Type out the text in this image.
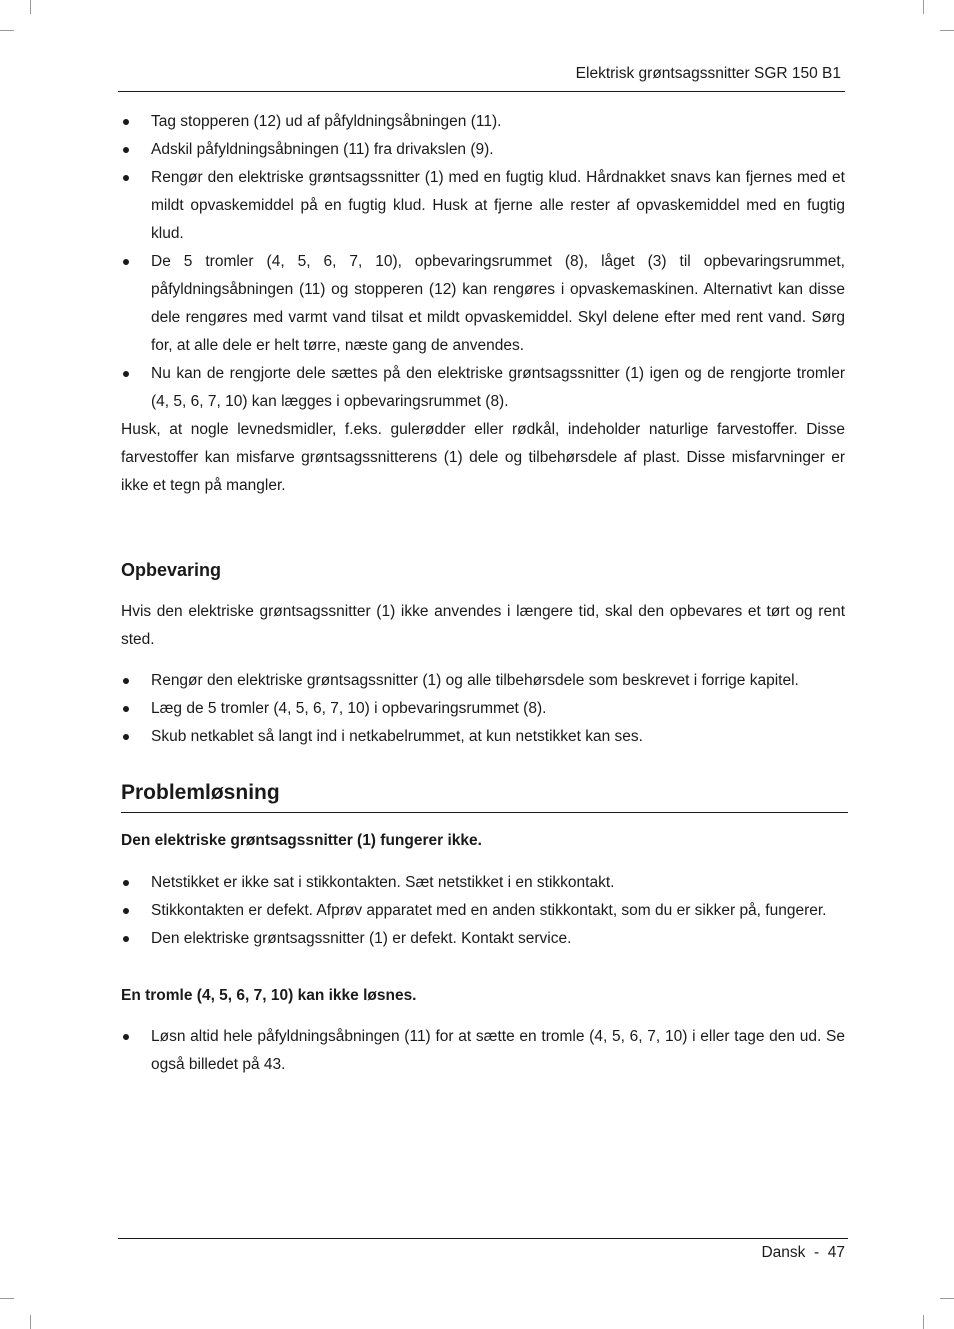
Elektrisk grøntsagssnitter SGR 150 B1
Tag stopperen (12) ud af påfyldningsåbningen (11).
Adskil påfyldningsåbningen (11) fra drivakslen (9).
Rengør den elektriske grøntsagssnitter (1) med en fugtig klud. Hårdnakket snavs kan fjernes med et mildt opvaskemiddel på en fugtig klud. Husk at fjerne alle rester af opvaskemiddel med en fugtig klud.
De 5 tromler (4, 5, 6, 7, 10), opbevaringsrummet (8), låget (3) til opbevaringsrummet, påfyldningsåbningen (11) og stopperen (12) kan rengøres i opvaskemaskinen. Alternativt kan disse dele rengøres med varmt vand tilsat et mildt opvaskemiddel. Skyl delene efter med rent vand. Sørg for, at alle dele er helt tørre, næste gang de anvendes.
Nu kan de rengjorte dele sættes på den elektriske grøntsagssnitter (1) igen og de rengjorte tromler (4, 5, 6, 7, 10) kan lægges i opbevaringsrummet (8).

Husk, at nogle levnedsmidler, f.eks. gulerødder eller rødkål, indeholder naturlige farvestoffer. Disse farvestoffer kan misfarve grøntsagssnitterens (1) dele og tilbehørsdele af plast. Disse misfarvninger er ikke et tegn på mangler.

Opbevaring

Hvis den elektriske grøntsagssnitter (1) ikke anvendes i længere tid, skal den opbevares et tørt og rent sted.

Rengør den elektriske grøntsagssnitter (1) og alle tilbehørsdele som beskrevet i forrige kapitel.
Læg de 5 tromler (4, 5, 6, 7, 10) i opbevaringsrummet (8).
Skub netkablet så langt ind i netkabelrummet, at kun netstikket kan ses.
Problemløsning
Den elektriske grøntsagssnitter (1) fungerer ikke.
Netstikket er ikke sat i stikkontakten. Sæt netstikket i en stikkontakt.
Stikkontakten er defekt. Afprøv apparatet med en anden stikkontakt, som du er sikker på, fungerer.
Den elektriske grøntsagssnitter (1) er defekt. Kontakt service.
En tromle (4, 5, 6, 7, 10) kan ikke løsnes.
Løsn altid hele påfyldningsåbningen (11) for at sætte en tromle (4, 5, 6, 7, 10) i eller tage den ud. Se også billedet på 43.
Dansk  -  47
